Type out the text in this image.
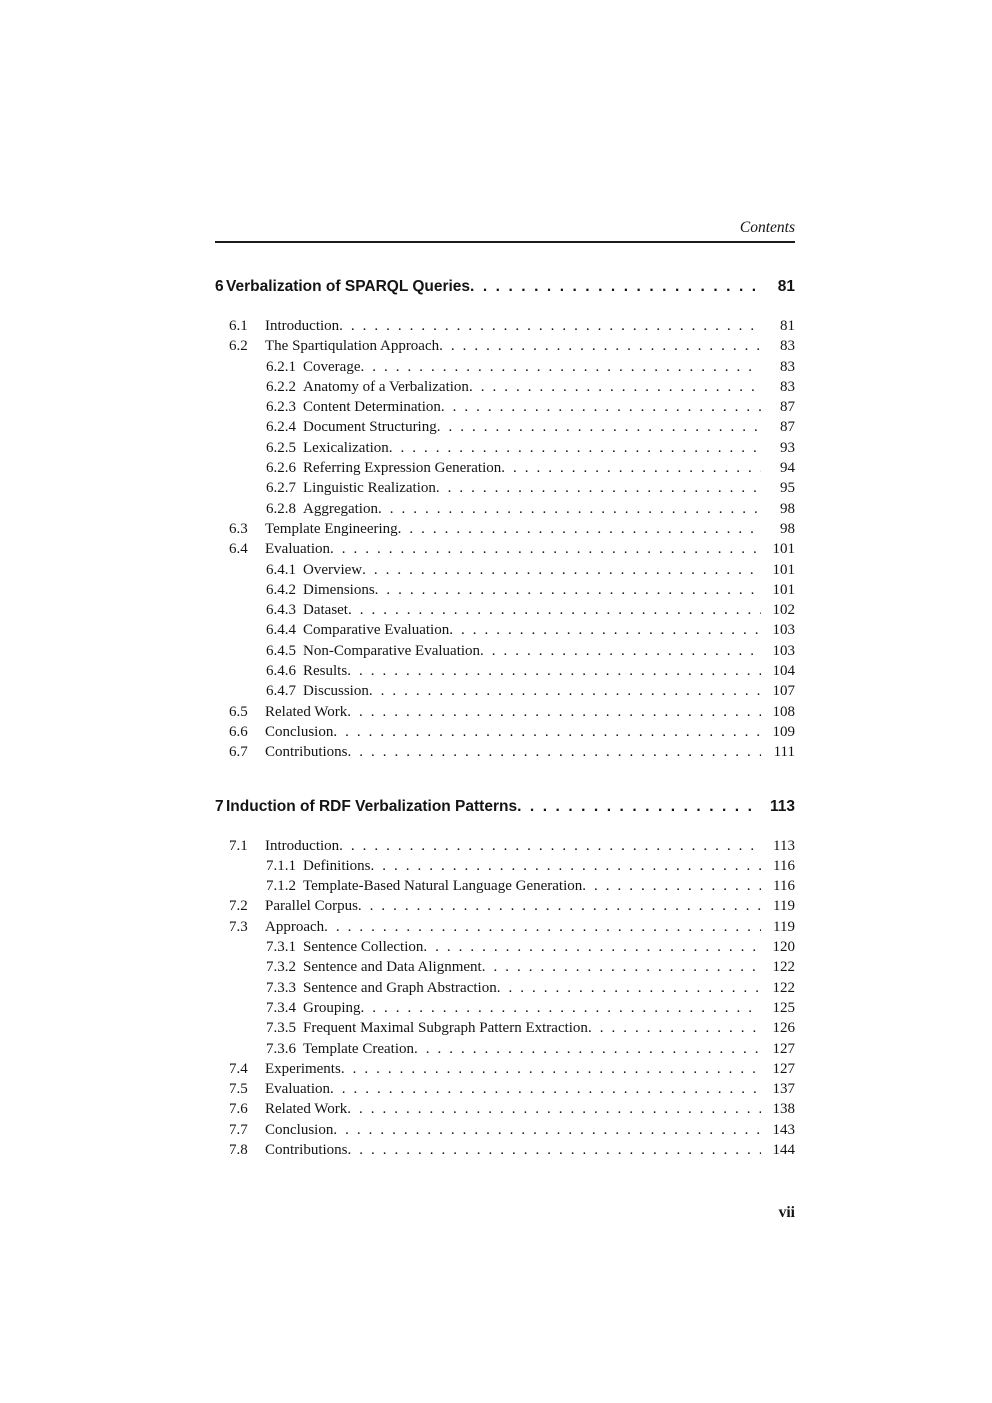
Contents
6 Verbalization of SPARQL Queries .....	81
6.1	Introduction .....	81
6.2	The Spartiqulation Approach .....	83
6.2.1 Coverage .....	83
6.2.2 Anatomy of a Verbalization .....	83
6.2.3 Content Determination .....	87
6.2.4 Document Structuring .....	87
6.2.5 Lexicalization .....	93
6.2.6 Referring Expression Generation .....	94
6.2.7 Linguistic Realization .....	95
6.2.8 Aggregation .....	98
6.3	Template Engineering .....	98
6.4	Evaluation .....	101
6.4.1 Overview .....	101
6.4.2 Dimensions .....	101
6.4.3 Dataset .....	102
6.4.4 Comparative Evaluation .....	103
6.4.5 Non-Comparative Evaluation .....	103
6.4.6 Results .....	104
6.4.7 Discussion .....	107
6.5	Related Work .....	108
6.6	Conclusion .....	109
6.7	Contributions .....	111
7 Induction of RDF Verbalization Patterns .....	113
7.1	Introduction .....	113
7.1.1 Definitions .....	116
7.1.2 Template-Based Natural Language Generation .....	116
7.2	Parallel Corpus .....	119
7.3	Approach .....	119
7.3.1 Sentence Collection .....	120
7.3.2 Sentence and Data Alignment .....	122
7.3.3 Sentence and Graph Abstraction .....	122
7.3.4 Grouping .....	125
7.3.5 Frequent Maximal Subgraph Pattern Extraction .....	126
7.3.6 Template Creation .....	127
7.4	Experiments .....	127
7.5	Evaluation .....	137
7.6	Related Work .....	138
7.7	Conclusion .....	143
7.8	Contributions .....	144
vii
